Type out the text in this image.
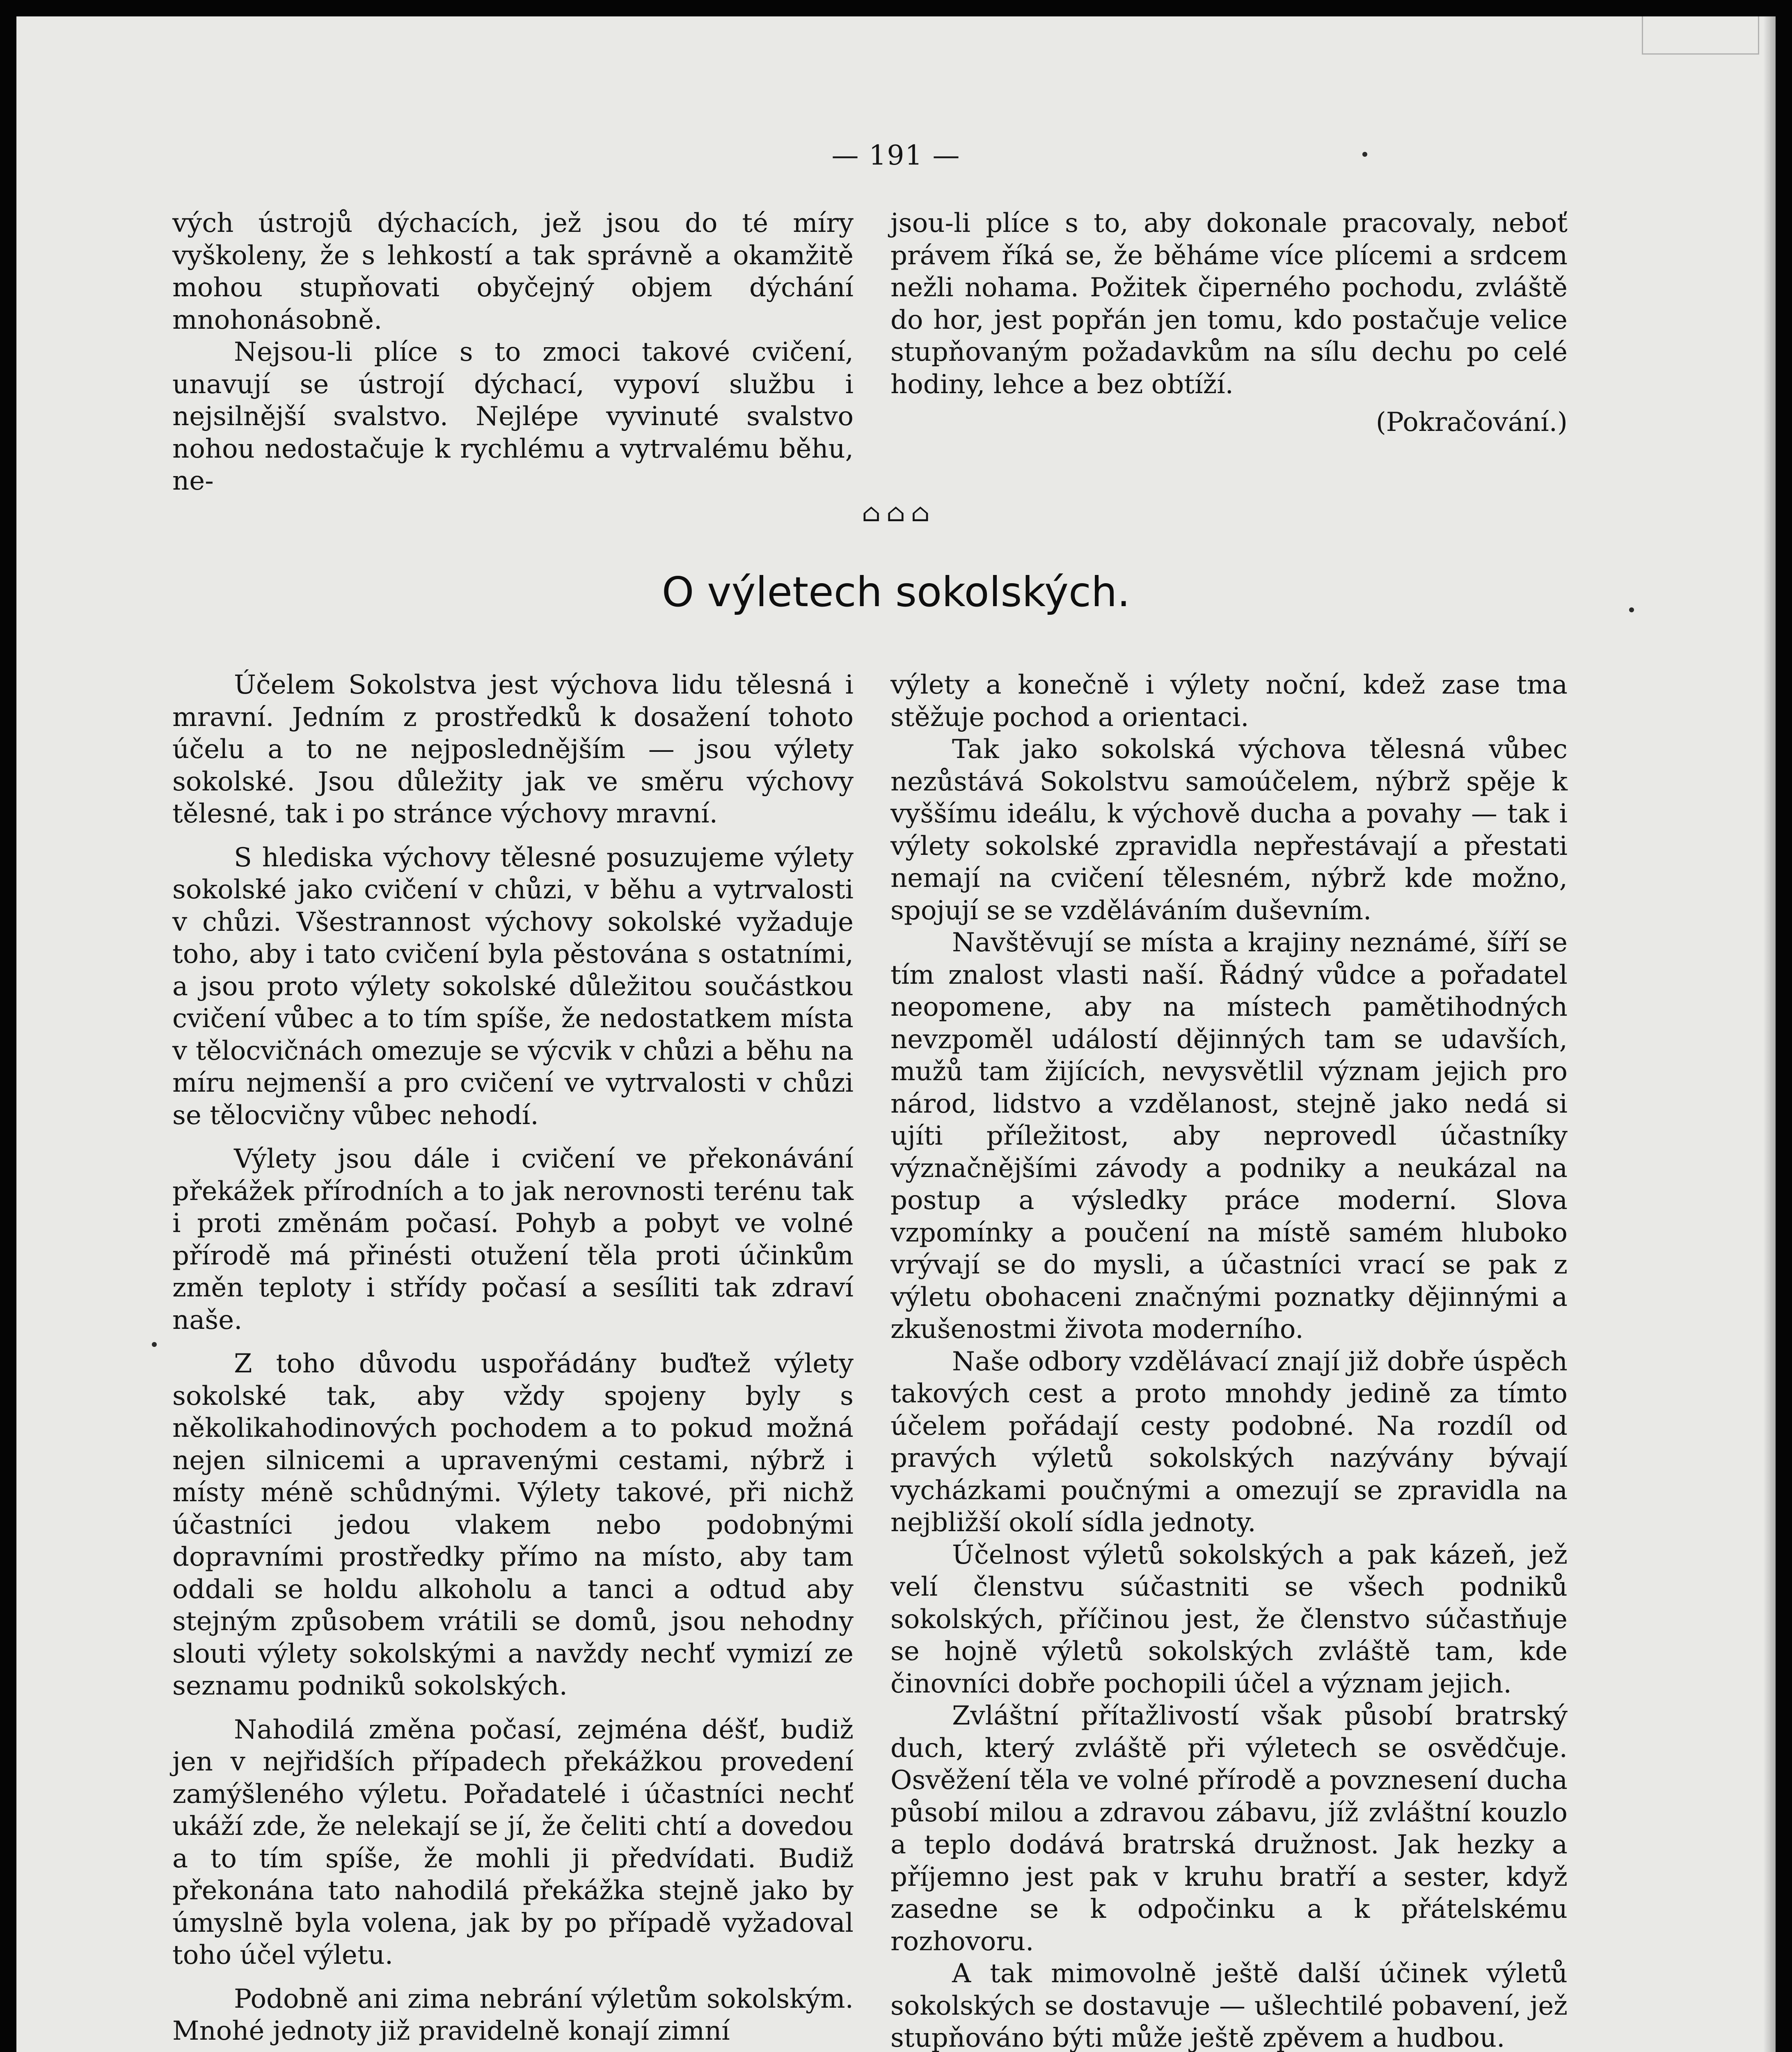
— 191 —

vých ústrojů dýchacích, jež jsou do té míry vyškoleny, že s lehkostí a tak správně a okamžitě mohou stupňovati obyčejný objem dýchání mnohonásobně.

Nejsou-li plíce s to zmoci takové cvičení, unavují se ústrojí dýchací, vypoví službu i nejsilnější svalstvo. Nejlépe vyvinuté svalstvo nohou nedostačuje k rychlému a vytrvalému běhu, ne-

jsou-li plíce s to, aby dokonale pracovaly, neboť právem říká se, že běháme více plícemi a srdcem nežli nohama. Požitek čiperného pochodu, zvláště do hor, jest popřán jen tomu, kdo postačuje velice stupňovaným požadavkům na sílu dechu po celé hodiny, lehce a bez obtíží.

(Pokračování.)
⌂⌂⌂
O výletech sokolských.

Účelem Sokolstva jest výchova lidu tělesná i mravní. Jedním z prostředků k dosažení tohoto účelu a to ne nejposlednějším — jsou výlety sokolské. Jsou důležity jak ve směru výchovy tělesné, tak i po stránce výchovy mravní.

S hlediska výchovy tělesné posuzujeme výlety sokolské jako cvičení v chůzi, v běhu a vytrvalosti v chůzi. Všestrannost výchovy sokolské vyžaduje toho, aby i tato cvičení byla pěstována s ostatními, a jsou proto výlety sokolské důležitou součástkou cvičení vůbec a to tím spíše, že nedostatkem místa v tělocvičnách omezuje se výcvik v chůzi a běhu na míru nejmenší a pro cvičení ve vytrvalosti v chůzi se tělocvičny vůbec nehodí.

Výlety jsou dále i cvičení ve překonávání překážek přírodních a to jak nerovnosti terénu tak i proti změnám počasí. Pohyb a pobyt ve volné přírodě má přinésti otužení těla proti účinkům změn teploty i střídy počasí a sesíliti tak zdraví naše.

Z toho důvodu uspořádány buďtež výlety sokolské tak, aby vždy spojeny byly s několikahodinových pochodem a to pokud možná nejen silnicemi a upravenými cestami, nýbrž i místy méně schůdnými. Výlety takové, při nichž účastníci jedou vlakem nebo podobnými dopravními prostředky přímo na místo, aby tam oddali se holdu alkoholu a tanci a odtud aby stejným způsobem vrátili se domů, jsou nehodny slouti výlety sokolskými a navždy nechť vymizí ze seznamu podniků sokolských.

Nahodilá změna počasí, zejména déšť, budiž jen v nejřidších případech překážkou provedení zamýšleného výletu. Pořadatelé i účastníci nechť ukáží zde, že nelekají se jí, že čeliti chtí a dovedou a to tím spíše, že mohli ji předvídati. Budiž překonána tato nahodilá překážka stejně jako by úmyslně byla volena, jak by po případě vyžadoval toho účel výletu.

Podobně ani zima nebrání výletům sokolským. Mnohé jednoty již pravidelně konají zimní

výlety a konečně i výlety noční, kdež zase tma stěžuje pochod a orientaci.

Tak jako sokolská výchova tělesná vůbec nezůstává Sokolstvu samoúčelem, nýbrž spěje k vyššímu ideálu, k výchově ducha a povahy — tak i výlety sokolské zpravidla nepřestávají a přestati nemají na cvičení tělesném, nýbrž kde možno, spojují se se vzděláváním duševním.

Navštěvují se místa a krajiny neznámé, šíří se tím znalost vlasti naší. Řádný vůdce a pořadatel neopomene, aby na místech pamětihodných nevzpoměl událostí dějinných tam se udavších, mužů tam žijících, nevysvětlil význam jejich pro národ, lidstvo a vzdělanost, stejně jako nedá si ujíti příležitost, aby neprovedl účastníky význačnějšími závody a podniky a neukázal na postup a výsledky práce moderní. Slova vzpomínky a poučení na místě samém hluboko vrývají se do mysli, a účastníci vrací se pak z výletu obohaceni značnými poznatky dějinnými a zkušenostmi života moderního.

Naše odbory vzdělávací znají již dobře úspěch takových cest a proto mnohdy jedině za tímto účelem pořádají cesty podobné. Na rozdíl od pravých výletů sokolských nazývány bývají vycházkami poučnými a omezují se zpravidla na nejbližší okolí sídla jednoty.

Účelnost výletů sokolských a pak kázeň, jež velí členstvu súčastniti se všech podniků sokolských, příčinou jest, že členstvo súčastňuje se hojně výletů sokolských zvláště tam, kde činovníci dobře pochopili účel a význam jejich.

Zvláštní přítažlivostí však působí bratrský duch, který zvláště při výletech se osvědčuje. Osvěžení těla ve volné přírodě a povznesení ducha působí milou a zdravou zábavu, jíž zvláštní kouzlo a teplo dodává bratrská družnost. Jak hezky a příjemno jest pak v kruhu bratří a sester, když zasedne se k odpočinku a k přátelskému rozhovoru.

A tak mimovolně ještě další účinek výletů sokolských se dostavuje — ušlechtilé pobavení, jež stupňováno býti může ještě zpěvem a hudbou.
